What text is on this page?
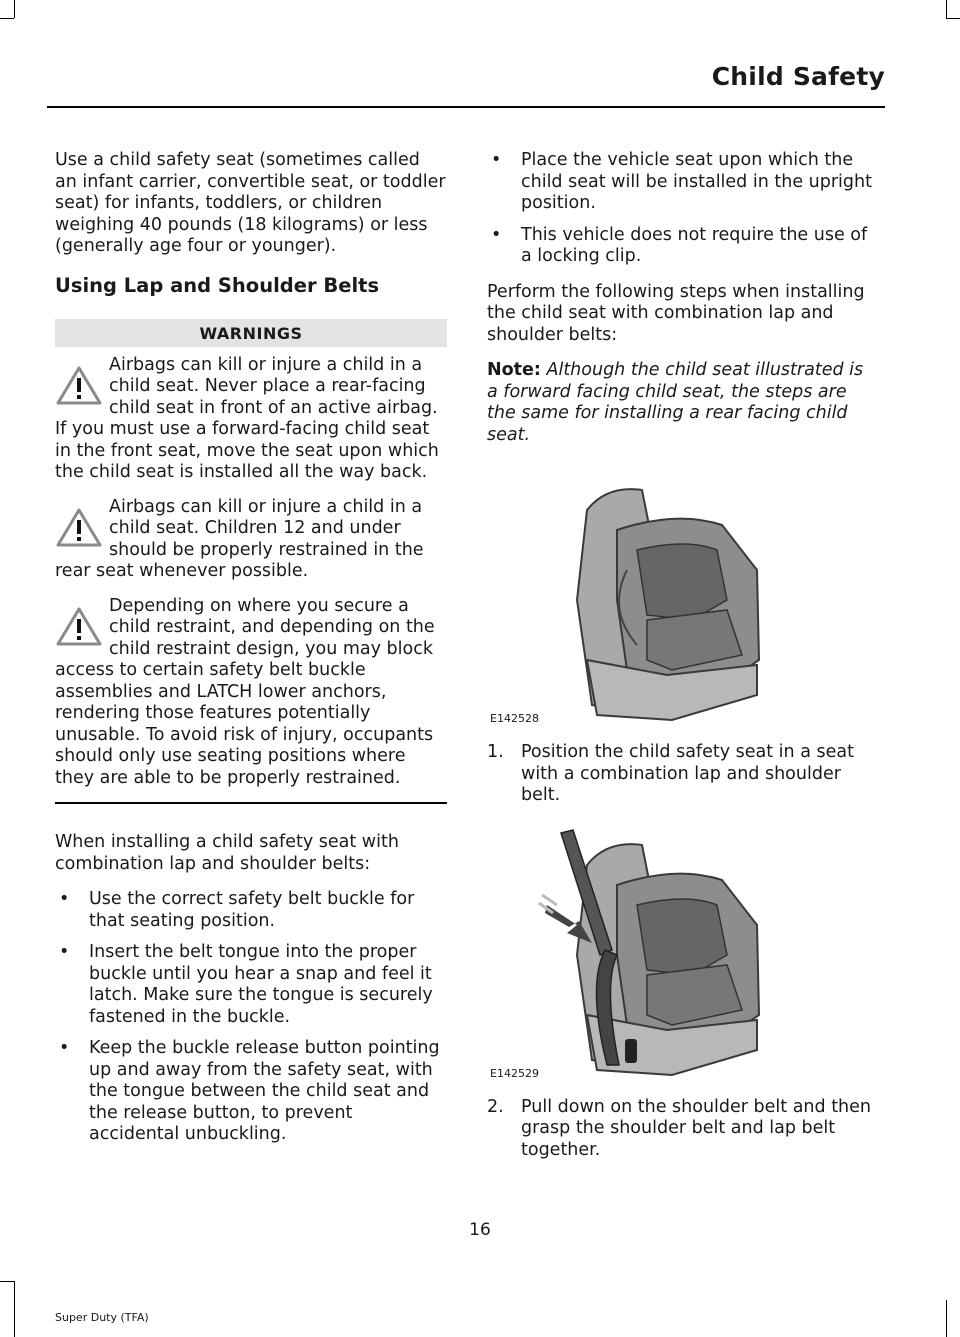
Child Safety

Use a child safety seat (sometimes called an infant carrier, convertible seat, or toddler seat) for infants, toddlers, or children weighing 40 pounds (18 kilograms) or less (generally age four or younger).

Using Lap and Shoulder Belts
WARNINGS
Airbags can kill or injure a child in a child seat. Never place a rear-facing child seat in front of an active airbag. If you must use a forward-facing child seat in the front seat, move the seat upon which the child seat is installed all the way back.
Airbags can kill or injure a child in a child seat. Children 12 and under should be properly restrained in the rear seat whenever possible.
Depending on where you secure a child restraint, and depending on the child restraint design, you may block access to certain safety belt buckle assemblies and LATCH lower anchors, rendering those features potentially unusable. To avoid risk of injury, occupants should only use seating positions where they are able to be properly restrained.

When installing a child safety seat with combination lap and shoulder belts:

• Use the correct safety belt buckle for that seating position.
• Insert the belt tongue into the proper buckle until you hear a snap and feel it latch. Make sure the tongue is securely fastened in the buckle.
• Keep the buckle release button pointing up and away from the safety seat, with the tongue between the child seat and the release button, to prevent accidental unbuckling.
• Place the vehicle seat upon which the child seat will be installed in the upright position.
• This vehicle does not require the use of a locking clip.

Perform the following steps when installing the child seat with combination lap and shoulder belts:

Note: Although the child seat illustrated is a forward facing child seat, the steps are the same for installing a rear facing child seat.

E142528
1. Position the child safety seat in a seat with a combination lap and shoulder belt.
E142529
2. Pull down on the shoulder belt and then grasp the shoulder belt and lap belt together.
16
Super Duty (TFA)
